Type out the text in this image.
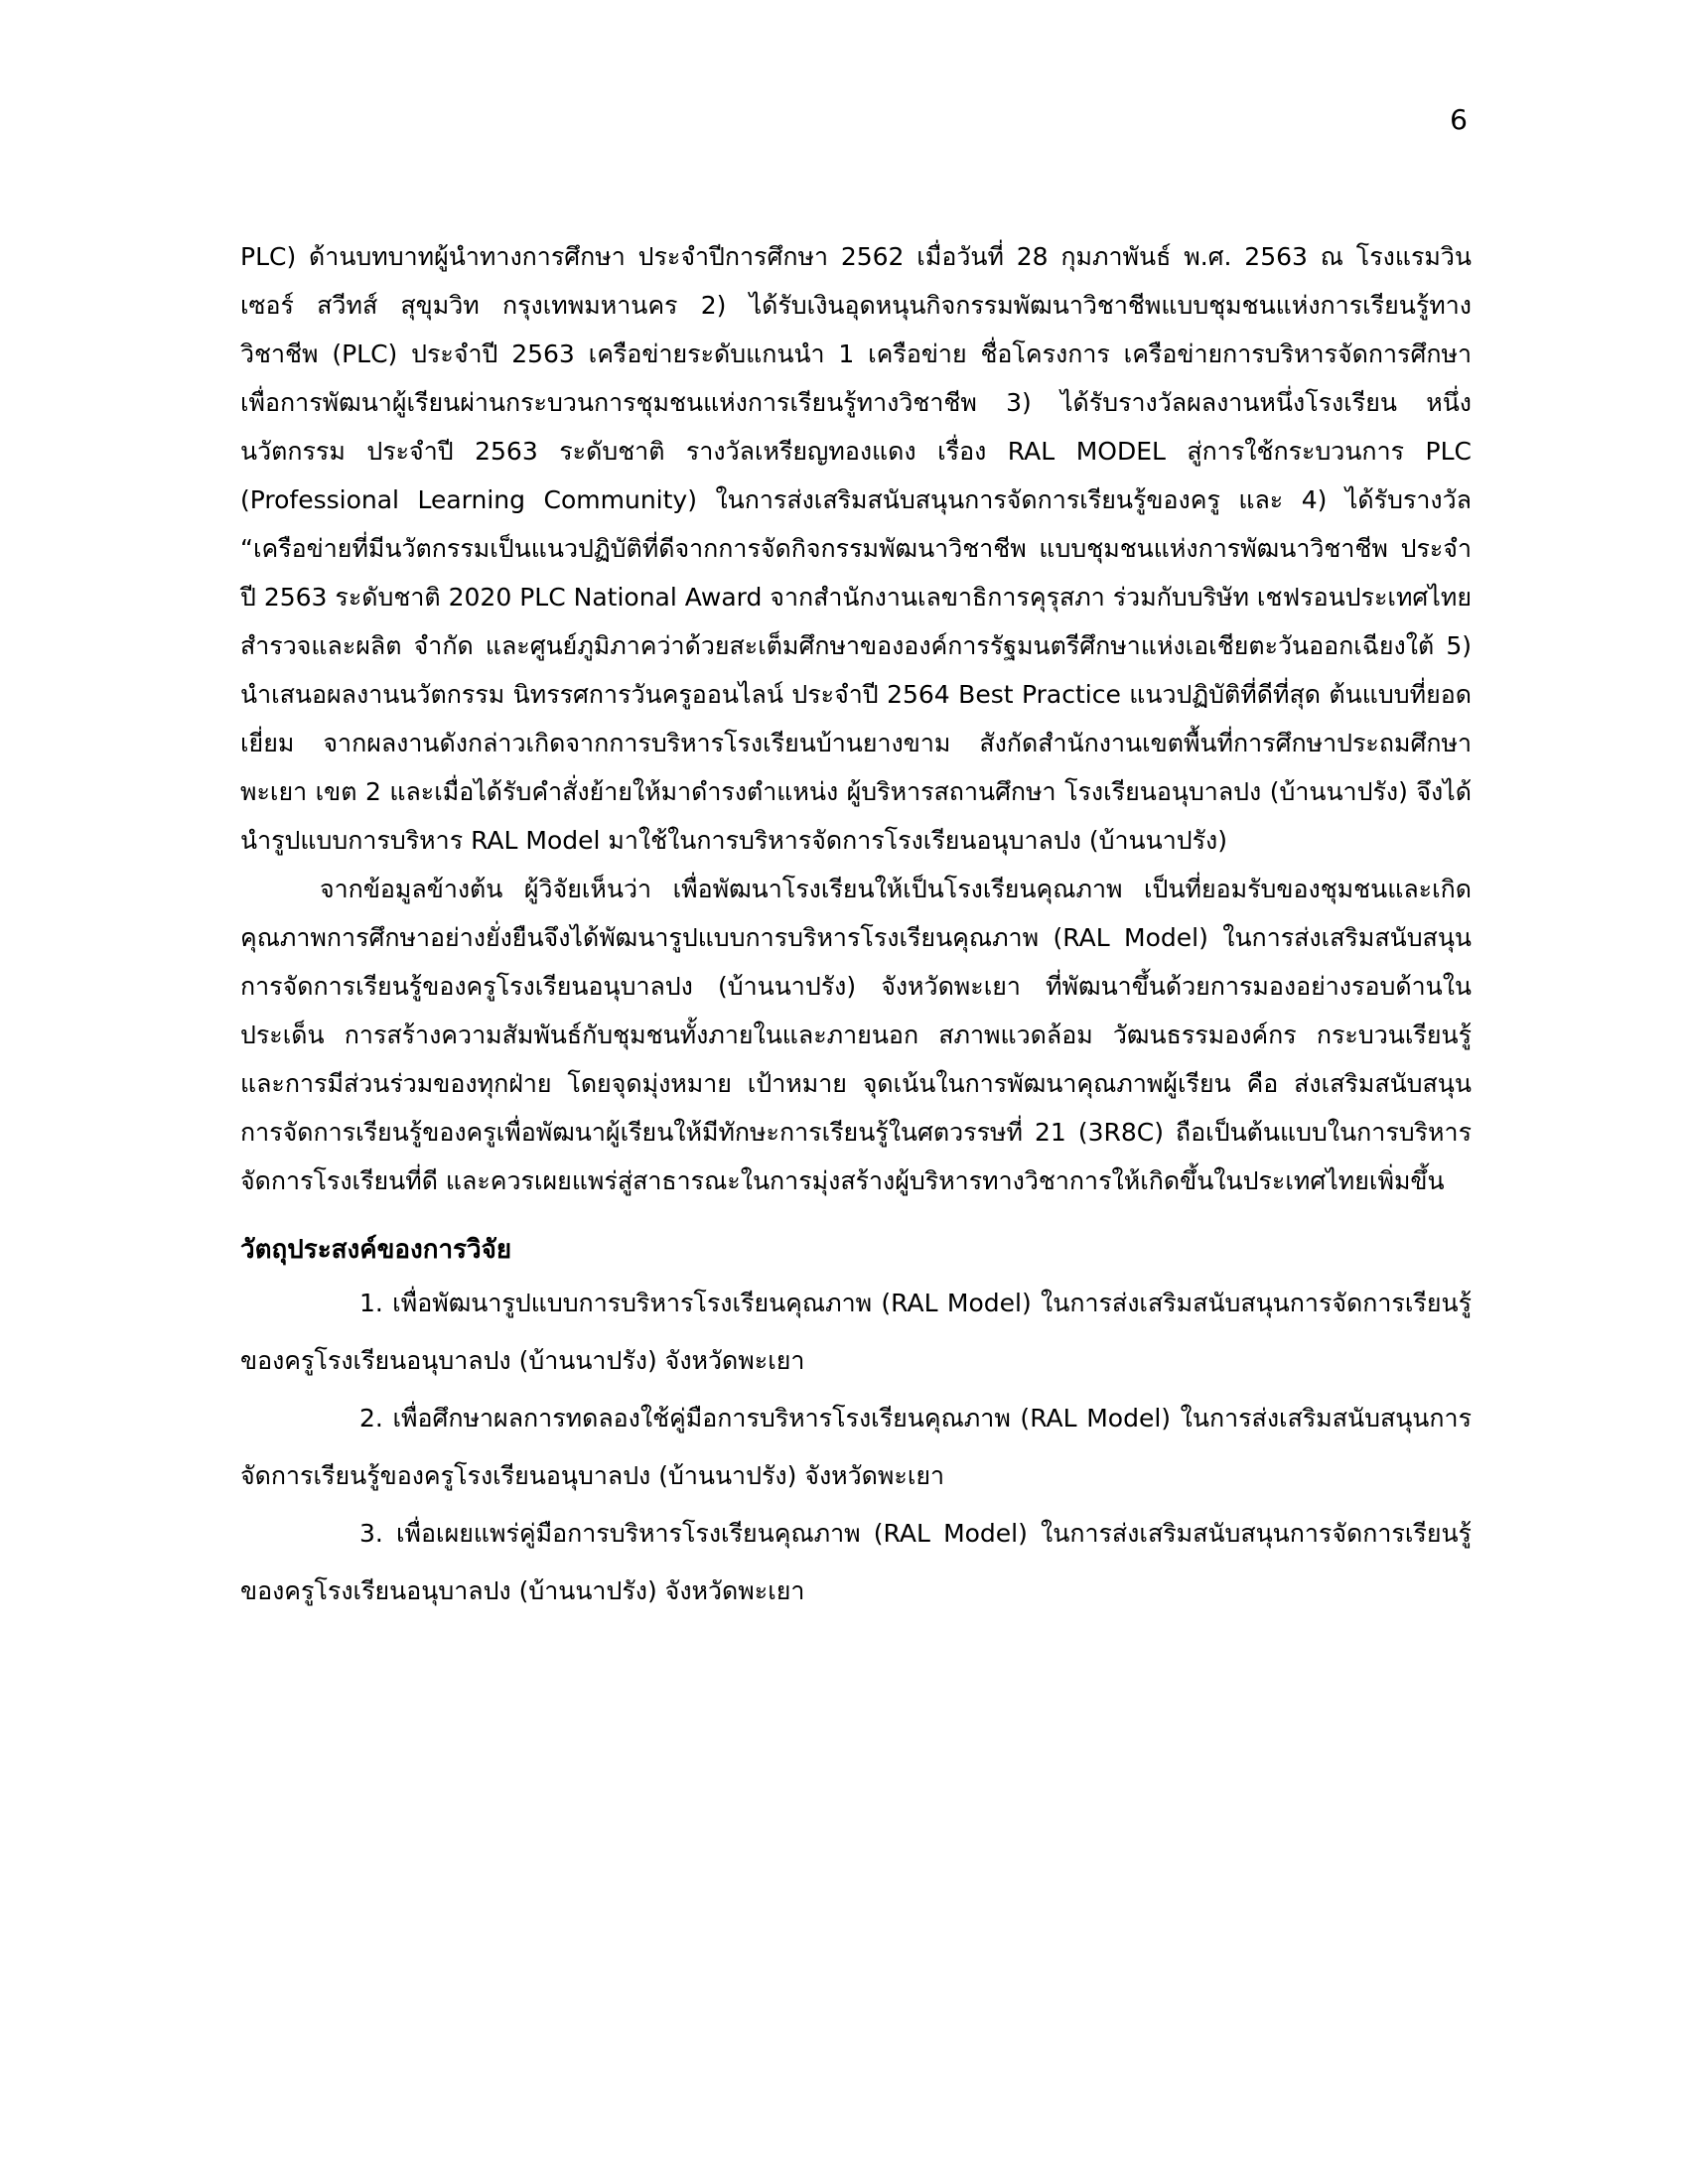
6

PLC) ด้านบทบาทผู้นำทางการศึกษา ประจำปีการศึกษา 2562 เมื่อวันที่ 28 กุมภาพันธ์ พ.ศ. 2563 ณ โรงแรมวินเซอร์ สวีทส์ สุขุมวิท กรุงเทพมหานคร 2) ได้รับเงินอุดหนุนกิจกรรมพัฒนาวิชาชีพแบบชุมชนแห่งการเรียนรู้ทางวิชาชีพ (PLC) ประจำปี 2563 เครือข่ายระดับแกนนำ 1 เครือข่าย ชื่อโครงการ เครือข่ายการบริหารจัดการศึกษา เพื่อการพัฒนาผู้เรียนผ่านกระบวนการชุมชนแห่งการเรียนรู้ทางวิชาชีพ 3) ได้รับรางวัลผลงานหนึ่งโรงเรียน หนึ่งนวัตกรรม ประจำปี 2563 ระดับชาติ รางวัลเหรียญทองแดง เรื่อง RAL MODEL สู่การใช้กระบวนการ PLC (Professional Learning Community) ในการส่งเสริมสนับสนุนการจัดการเรียนรู้ของครู และ 4) ได้รับรางวัล “เครือข่ายที่มีนวัตกรรมเป็นแนวปฏิบัติที่ดีจากการจัดกิจกรรมพัฒนาวิชาชีพ แบบชุมชนแห่งการพัฒนาวิชาชีพ ประจำปี 2563 ระดับชาติ 2020 PLC National Award จากสำนักงานเลขาธิการคุรุสภา ร่วมกับบริษัท เชฟรอนประเทศไทยสำรวจและผลิต จำกัด และศูนย์ภูมิภาคว่าด้วยสะเต็มศึกษาขององค์การรัฐมนตรีศึกษาแห่งเอเชียตะวันออกเฉียงใต้ 5) นำเสนอผลงานนวัตกรรม นิทรรศการวันครูออนไลน์ ประจำปี 2564 Best Practice แนวปฏิบัติที่ดีที่สุด ต้นแบบที่ยอดเยี่ยม จากผลงานดังกล่าวเกิดจากการบริหารโรงเรียนบ้านยางขาม สังกัดสำนักงานเขตพื้นที่การศึกษาประถมศึกษาพะเยา เขต 2 และเมื่อได้รับคำสั่งย้ายให้มาดำรงตำแหน่ง ผู้บริหารสถานศึกษา โรงเรียนอนุบาลปง (บ้านนาปรัง) จึงได้นำรูปแบบการบริหาร RAL Model มาใช้ในการบริหารจัดการโรงเรียนอนุบาลปง (บ้านนาปรัง)

จากข้อมูลข้างต้น ผู้วิจัยเห็นว่า เพื่อพัฒนาโรงเรียนให้เป็นโรงเรียนคุณภาพ เป็นที่ยอมรับของชุมชนและเกิดคุณภาพการศึกษาอย่างยั่งยืนจึงได้พัฒนารูปแบบการบริหารโรงเรียนคุณภาพ (RAL Model) ในการส่งเสริมสนับสนุนการจัดการเรียนรู้ของครูโรงเรียนอนุบาลปง (บ้านนาปรัง) จังหวัดพะเยา ที่พัฒนาขึ้นด้วยการมองอย่างรอบด้านในประเด็น การสร้างความสัมพันธ์กับชุมชนทั้งภายในและภายนอก สภาพแวดล้อม วัฒนธรรมองค์กร กระบวนเรียนรู้ และการมีส่วนร่วมของทุกฝ่าย โดยจุดมุ่งหมาย เป้าหมาย จุดเน้นในการพัฒนาคุณภาพผู้เรียน คือ ส่งเสริมสนับสนุนการจัดการเรียนรู้ของครูเพื่อพัฒนาผู้เรียนให้มีทักษะการเรียนรู้ในศตวรรษที่ 21 (3R8C) ถือเป็นต้นแบบในการบริหารจัดการโรงเรียนที่ดี และควรเผยแพร่สู่สาธารณะในการมุ่งสร้างผู้บริหารทางวิชาการให้เกิดขึ้นในประเทศไทยเพิ่มขึ้น

วัตถุประสงค์ของการวิจัย

1. เพื่อพัฒนารูปแบบการบริหารโรงเรียนคุณภาพ (RAL Model) ในการส่งเสริมสนับสนุนการจัดการเรียนรู้ของครูโรงเรียนอนุบาลปง (บ้านนาปรัง) จังหวัดพะเยา

2. เพื่อศึกษาผลการทดลองใช้คู่มือการบริหารโรงเรียนคุณภาพ (RAL Model) ในการส่งเสริมสนับสนุนการจัดการเรียนรู้ของครูโรงเรียนอนุบาลปง (บ้านนาปรัง) จังหวัดพะเยา

3. เพื่อเผยแพร่คู่มือการบริหารโรงเรียนคุณภาพ (RAL Model) ในการส่งเสริมสนับสนุนการจัดการเรียนรู้ของครูโรงเรียนอนุบาลปง (บ้านนาปรัง) จังหวัดพะเยา
